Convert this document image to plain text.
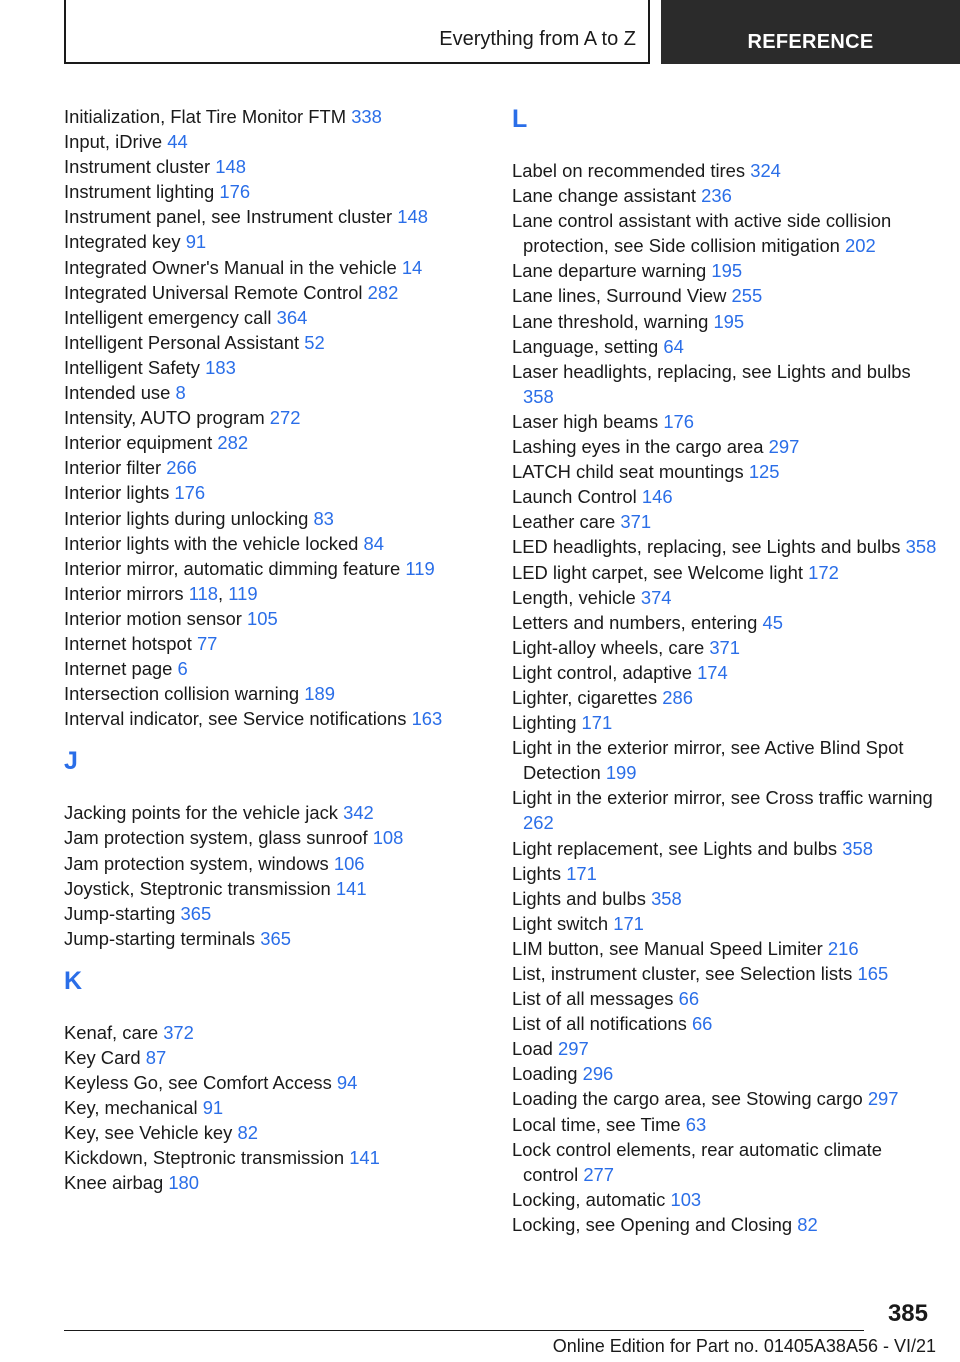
Everything from A to Z	REFERENCE
Initialization, Flat Tire Monitor FTM 338
Input, iDrive 44
Instrument cluster 148
Instrument lighting 176
Instrument panel, see Instrument cluster 148
Integrated key 91
Integrated Owner's Manual in the vehicle 14
Integrated Universal Remote Control 282
Intelligent emergency call 364
Intelligent Personal Assistant 52
Intelligent Safety 183
Intended use 8
Intensity, AUTO program 272
Interior equipment 282
Interior filter 266
Interior lights 176
Interior lights during unlocking 83
Interior lights with the vehicle locked 84
Interior mirror, automatic dimming feature 119
Interior mirrors 118, 119
Interior motion sensor 105
Internet hotspot 77
Internet page 6
Intersection collision warning 189
Interval indicator, see Service notifications 163
J
Jacking points for the vehicle jack 342
Jam protection system, glass sunroof 108
Jam protection system, windows 106
Joystick, Steptronic transmission 141
Jump-starting 365
Jump-starting terminals 365
K
Kenaf, care 372
Key Card 87
Keyless Go, see Comfort Access 94
Key, mechanical 91
Key, see Vehicle key 82
Kickdown, Steptronic transmission 141
Knee airbag 180
L
Label on recommended tires 324
Lane change assistant 236
Lane control assistant with active side collision protection, see Side collision mitigation 202
Lane departure warning 195
Lane lines, Surround View 255
Lane threshold, warning 195
Language, setting 64
Laser headlights, replacing, see Lights and bulbs 358
Laser high beams 176
Lashing eyes in the cargo area 297
LATCH child seat mountings 125
Launch Control 146
Leather care 371
LED headlights, replacing, see Lights and bulbs 358
LED light carpet, see Welcome light 172
Length, vehicle 374
Letters and numbers, entering 45
Light-alloy wheels, care 371
Light control, adaptive 174
Lighter, cigarettes 286
Lighting 171
Light in the exterior mirror, see Active Blind Spot Detection 199
Light in the exterior mirror, see Cross traffic warning 262
Light replacement, see Lights and bulbs 358
Lights 171
Lights and bulbs 358
Light switch 171
LIM button, see Manual Speed Limiter 216
List, instrument cluster, see Selection lists 165
List of all messages 66
List of all notifications 66
Load 297
Loading 296
Loading the cargo area, see Stowing cargo 297
Local time, see Time 63
Lock control elements, rear automatic climate control 277
Locking, automatic 103
Locking, see Opening and Closing 82
385
Online Edition for Part no. 01405A38A56 - VI/21
